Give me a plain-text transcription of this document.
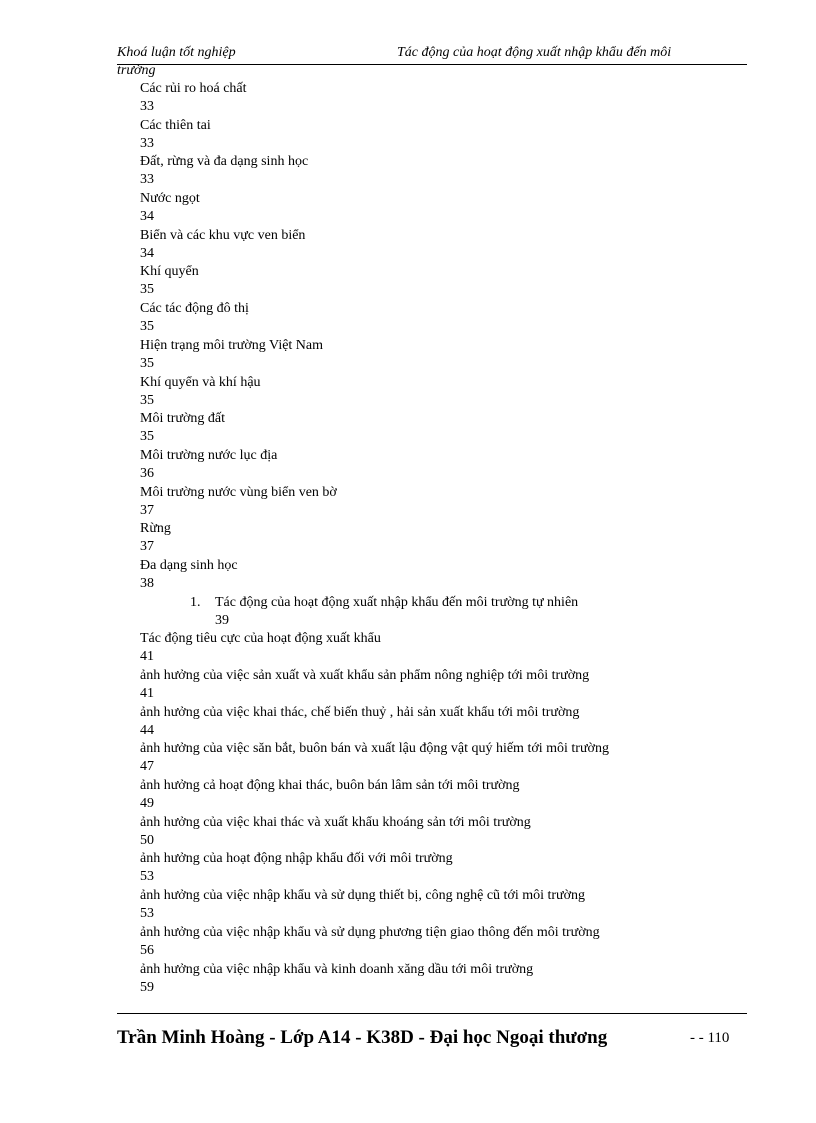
Khoá luận tốt nghiệp	Tác động của hoạt động xuất nhập khẩu đến môi
trường
Các rủi ro hoá chất
33
Các thiên tai
33
Đất, rừng và đa dạng sinh học
33
Nước ngọt
34
Biển và các khu vực ven biển
34
Khí quyển
35
Các tác động đô thị
35
Hiện trạng môi trường Việt Nam
35
Khí quyển và khí hậu
35
Môi trường đất
35
Môi trường nước lục địa
36
Môi trường nước vùng biển ven bờ
37
Rừng
37
Đa dạng sinh học
38
1. Tác động của hoạt động xuất nhập khẩu đến môi trường tự nhiên
39
Tác động tiêu cực của hoạt động xuất khẩu
41
ảnh hưởng của việc sản xuất và xuất khẩu sản phẩm nông nghiệp tới môi trường
41
ảnh hưởng của việc khai thác, chế biến thuỷ , hải sản xuất khẩu tới môi trường
44
ảnh hưởng của việc săn bắt, buôn bán và xuất lậu động vật quý hiếm tới môi trường
47
ảnh hưởng cả hoạt động khai thác, buôn bán lâm sản tới môi trường
49
ảnh hưởng của việc khai thác và xuất khẩu khoáng sản tới môi trường
50
ảnh hưởng của hoạt động nhập khẩu đối với môi trường
53
ảnh hưởng của việc nhập khẩu và sử dụng thiết bị, công nghệ cũ tới môi trường
53
ảnh hưởng của việc nhập khẩu và sử dụng phương tiện giao thông đến môi trường
56
ảnh hưởng của việc nhập khẩu và kinh doanh xăng dầu tới môi trường
59
Trần Minh Hoàng - Lớp A14 - K38D - Đại học Ngoại thương	- - 110
